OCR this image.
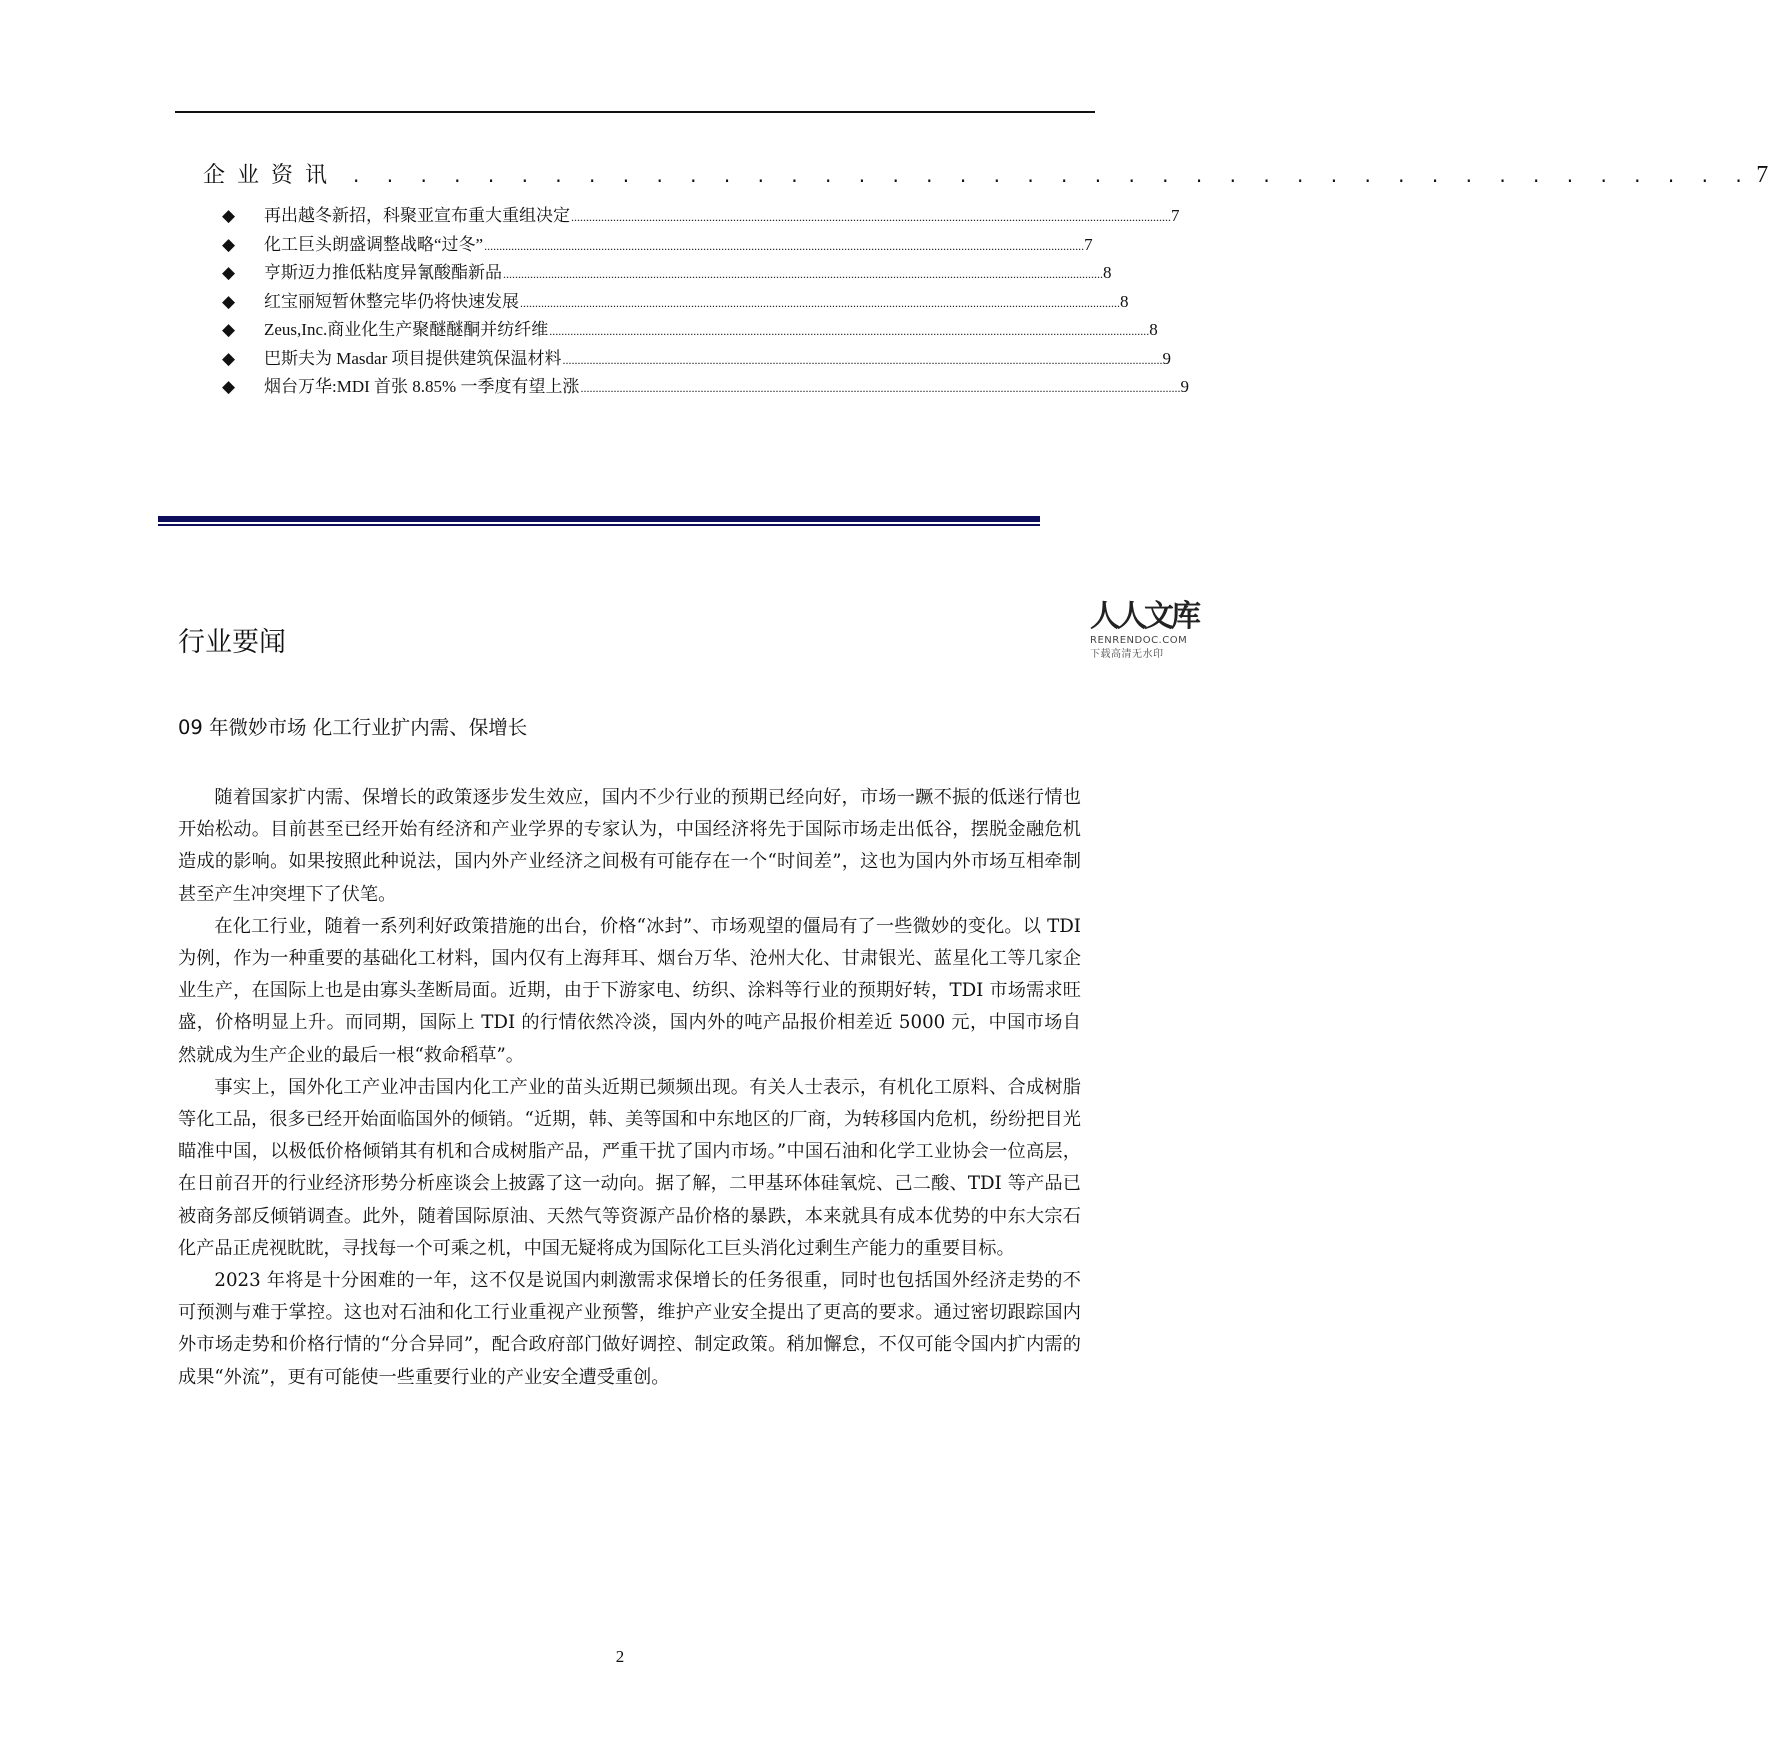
企业资讯 . . . . . . . . . . . . . . . . . . . . . . . . . . . . . . . . . . . . . . . . . . 7
◆	再出越冬新招，科聚亚宣布重大重组决定 ........................................................................................................................................................................................................ 7
◆	化工巨头朗盛调整战略“过冬” ........................................................................................................................................................................................................ 7
◆	亨斯迈力推低粘度异氰酸酯新品 ........................................................................................................................................................................................................ 8
◆	红宝丽短暂休整完毕仍将快速发展 ........................................................................................................................................................................................................ 8
◆	Zeus,Inc.商业化生产聚醚醚酮并纺纤维 ........................................................................................................................................................................................................ 8
◆	巴斯夫为 Masdar 项目提供建筑保温材料 ........................................................................................................................................................................................................ 9
◆	烟台万华:MDI 首张 8.85% 一季度有望上涨 ........................................................................................................................................................................................................ 9
行业要闻
09 年微妙市场 化工行业扩内需、保增长

随着国家扩内需、保增长的政策逐步发生效应，国内不少行业的预期已经向好，市场一蹶不振的低迷行情也开始松动。目前甚至已经开始有经济和产业学界的专家认为，中国经济将先于国际市场走出低谷，摆脱金融危机造成的影响。如果按照此种说法，国内外产业经济之间极有可能存在一个“时间差”，这也为国内外市场互相牵制甚至产生冲突埋下了伏笔。

在化工行业，随着一系列利好政策措施的出台，价格“冰封”、市场观望的僵局有了一些微妙的变化。以 TDI 为例，作为一种重要的基础化工材料，国内仅有上海拜耳、烟台万华、沧州大化、甘肃银光、蓝星化工等几家企业生产，在国际上也是由寡头垄断局面。近期，由于下游家电、纺织、涂料等行业的预期好转，TDI 市场需求旺盛，价格明显上升。而同期，国际上 TDI 的行情依然冷淡，国内外的吨产品报价相差近 5000 元，中国市场自然就成为生产企业的最后一根“救命稻草”。

事实上，国外化工产业冲击国内化工产业的苗头近期已频频出现。有关人士表示，有机化工原料、合成树脂等化工品，很多已经开始面临国外的倾销。“近期，韩、美等国和中东地区的厂商，为转移国内危机，纷纷把目光瞄准中国，以极低价格倾销其有机和合成树脂产品，严重干扰了国内市场。”中国石油和化学工业协会一位高层，在日前召开的行业经济形势分析座谈会上披露了这一动向。据了解，二甲基环体硅氧烷、己二酸、TDI 等产品已被商务部反倾销调查。此外，随着国际原油、天然气等资源产品价格的暴跌，本来就具有成本优势的中东大宗石化产品正虎视眈眈，寻找每一个可乘之机，中国无疑将成为国际化工巨头消化过剩生产能力的重要目标。

2023 年将是十分困难的一年，这不仅是说国内刺激需求保增长的任务很重，同时也包括国外经济走势的不可预测与难于掌控。这也对石油和化工行业重视产业预警，维护产业安全提出了更高的要求。通过密切跟踪国内外市场走势和价格行情的“分合异同”，配合政府部门做好调控、制定政策。稍加懈怠，不仅可能令国内扩内需的成果“外流”，更有可能使一些重要行业的产业安全遭受重创。

人人文库
RENRENDOC.COM
下载高清无水印
2
